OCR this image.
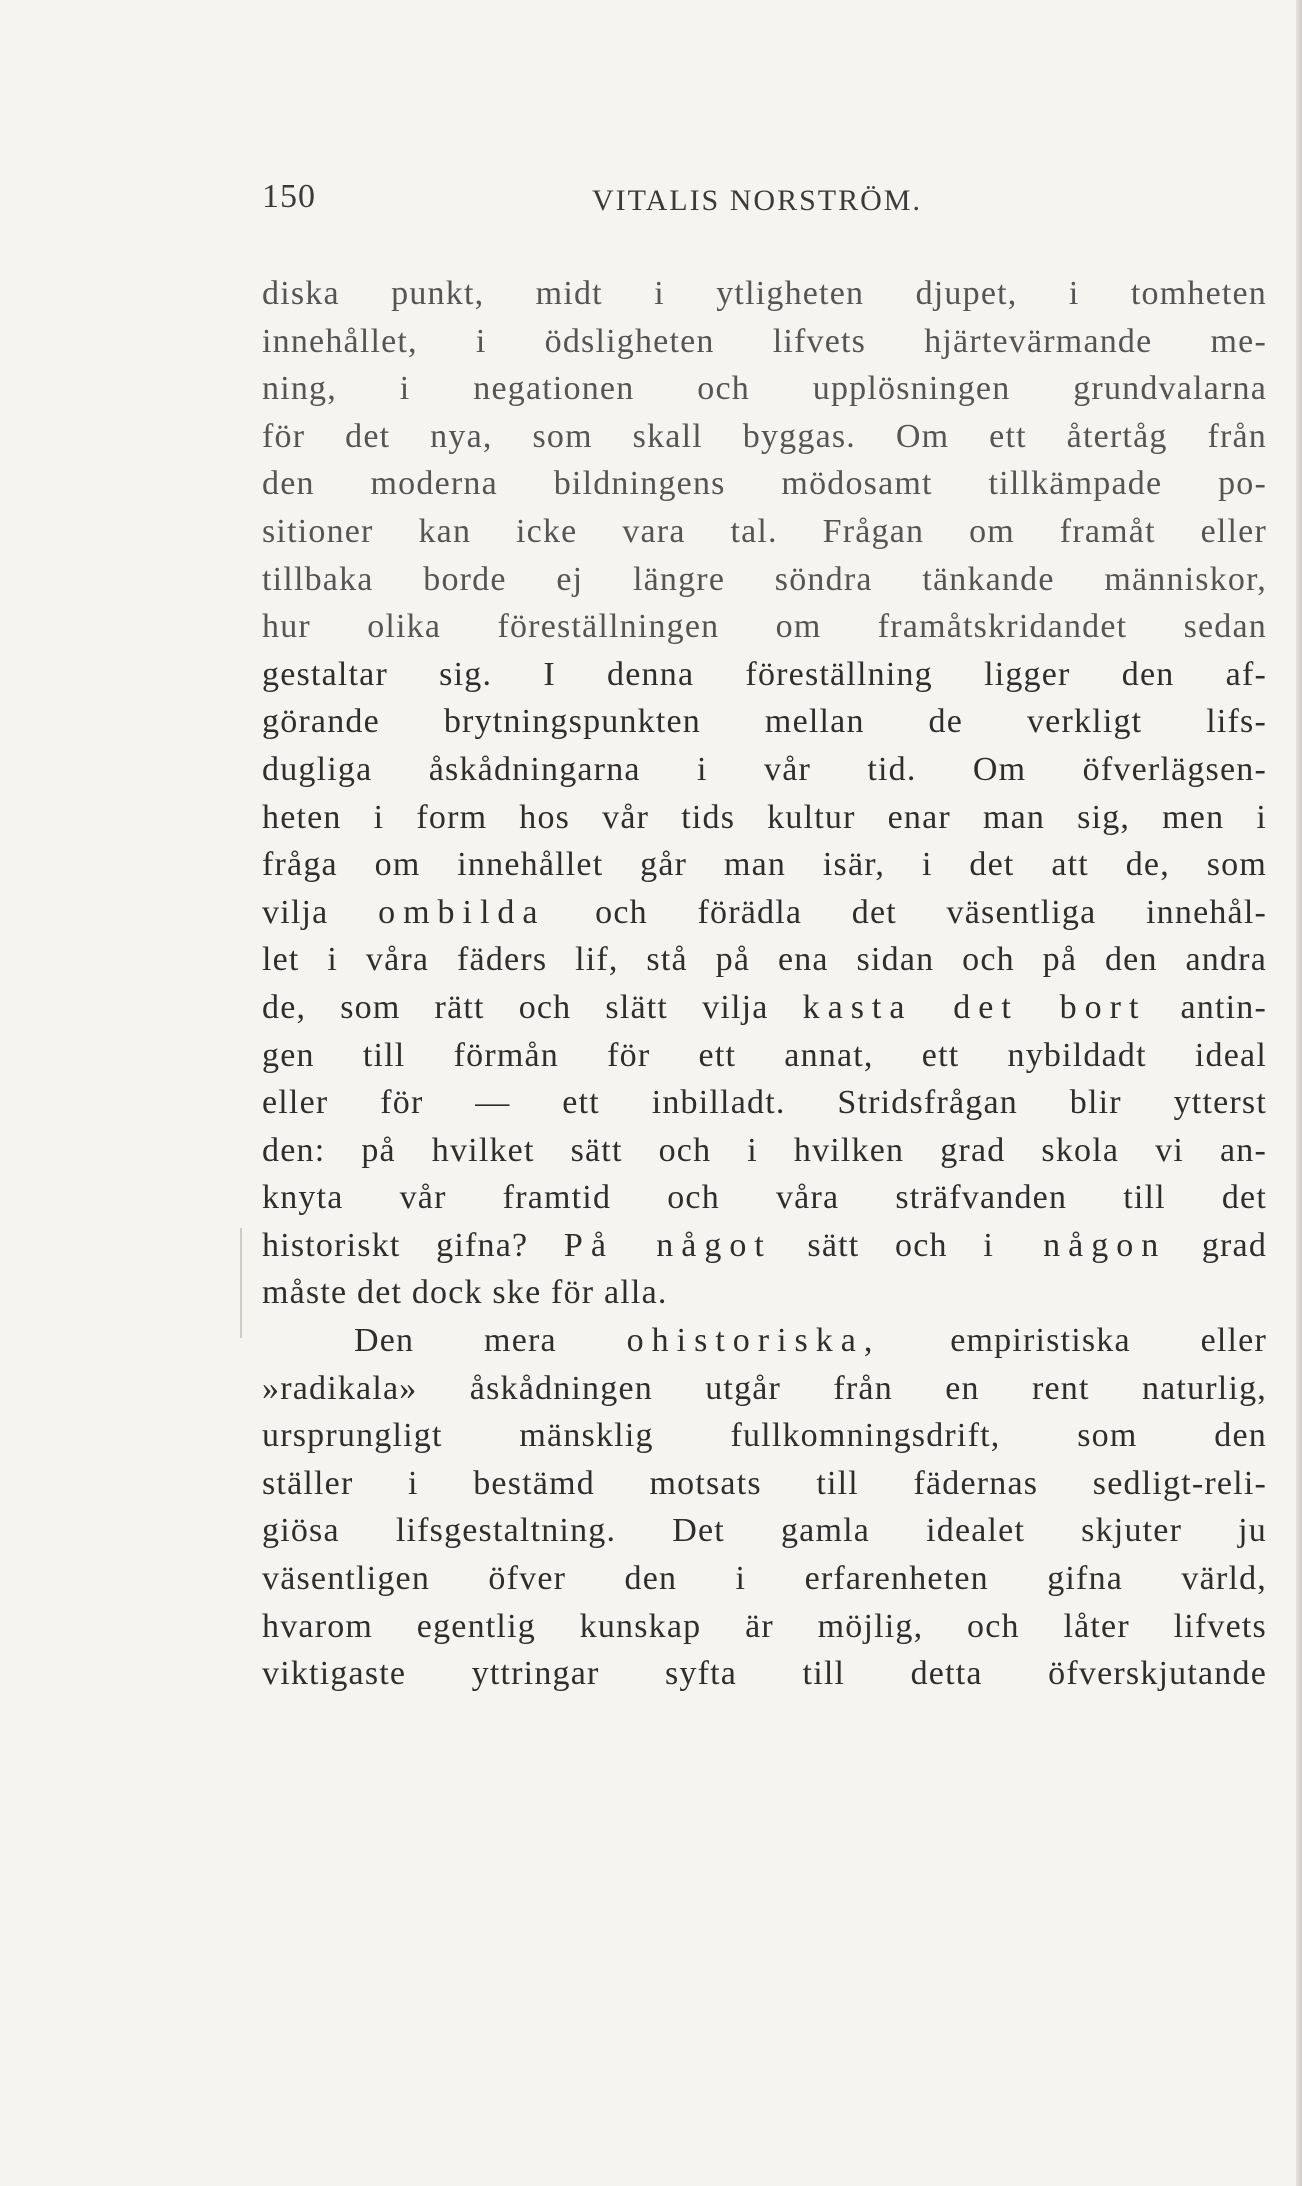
150	VITALIS NORSTRÖM.
diska punkt, midt i ytligheten djupet, i tomheten
innehållet, i ödsligheten lifvets hjärtevärmande me-
ning, i negationen och upplösningen grundvalarna
för det nya, som skall byggas. Om ett återtåg från
den moderna bildningens mödosamt tillkämpade po-
sitioner kan icke vara tal. Frågan om framåt eller
tillbaka borde ej längre söndra tänkande människor,
hur olika föreställningen om framåtskridandet sedan
gestaltar sig. I denna föreställning ligger den af-
görande brytningspunkten mellan de verkligt lifs-
dugliga åskådningarna i vår tid. Om öfverlägsen-
heten i form hos vår tids kultur enar man sig, men i
fråga om innehållet går man isär, i det att de, som
vilja ombilda och förädla det väsentliga innehål-
let i våra fäders lif, stå på ena sidan och på den andra
de, som rätt och slätt vilja kasta det bort antin-
gen till förmån för ett annat, ett nybildadt ideal
eller för — ett inbilladt. Stridsfrågan blir ytterst
den: på hvilket sätt och i hvilken grad skola vi an-
knyta vår framtid och våra sträfvanden till det
historiskt gifna? På något sätt och i någon grad
måste det dock ske för alla.
Den mera ohistoriska, empiristiska eller
»radikala» åskådningen utgår från en rent naturlig,
ursprungligt mänsklig fullkomningsdrift, som den
ställer i bestämd motsats till fädernas sedligt-reli-
giösa lifsgestaltning. Det gamla idealet skjuter ju
väsentligen öfver den i erfarenheten gifna värld,
hvarom egentlig kunskap är möjlig, och låter lifvets
viktigaste yttringar syfta till detta öfverskjutande
